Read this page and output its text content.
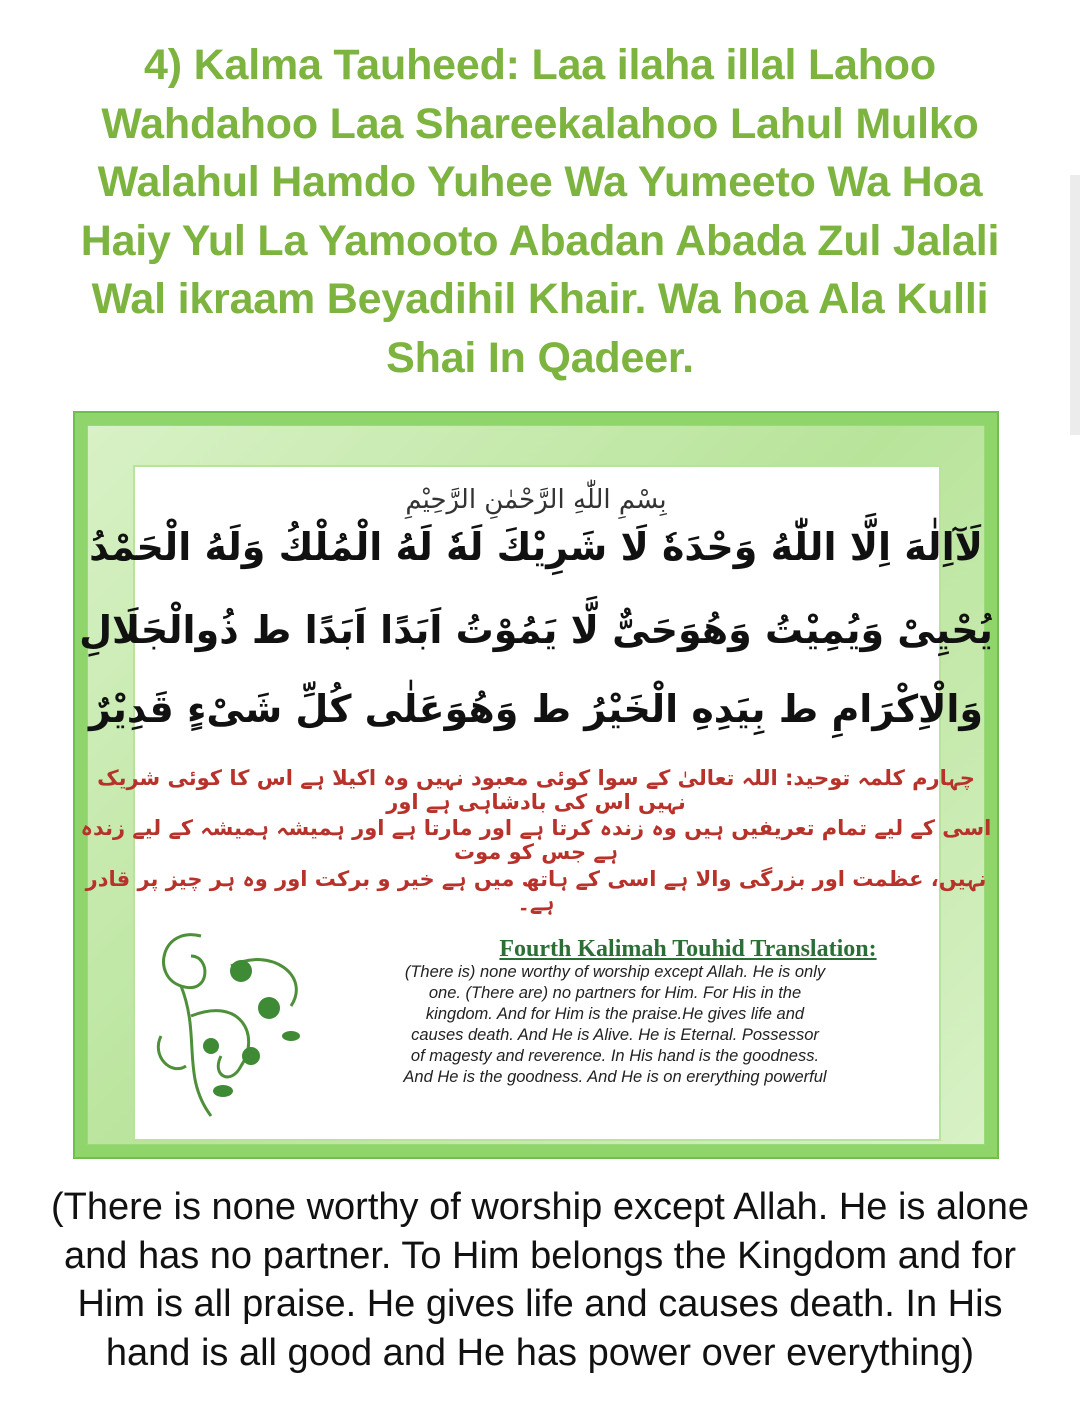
4) Kalma Tauheed: Laa ilaha illal Lahoo
Wahdahoo Laa Shareekalahoo Lahul Mulko
Walahul Hamdo Yuhee Wa Yumeeto Wa Hoa
Haiy Yul La Yamooto Abadan Abada Zul Jalali
Wal ikraam Beyadihil Khair. Wa hoa Ala Kulli
Shai In Qadeer.
بِسْمِ اللّٰهِ الرَّحْمٰنِ الرَّحِيْمِ
لَآاِلٰهَ اِلَّا اللّٰهُ وَحْدَهٗ لَا شَرِيْكَ لَهٗ لَهُ الْمُلْكُ وَلَهُ الْحَمْدُ
يُحْيِىْ وَيُمِيْتُ وَهُوَحَیٌّ لَّا يَمُوْتُ اَبَدًا اَبَدًا ط ذُوالْجَلَالِ
وَالْاِكْرَامِ ط بِيَدِهِ الْخَيْرُ ط وَهُوَعَلٰى كُلِّ شَیْءٍ قَدِيْرٌ
چہارم کلمہ توحید: اللہ تعالیٰ کے سوا کوئی معبود نہیں وہ اکیلا ہے اس کا کوئی شریک نہیں اس کی بادشاہی ہے اور
اسی کے لیے تمام تعریفیں ہیں وہ زندہ کرتا ہے اور مارتا ہے اور ہمیشہ ہمیشہ کے لیے زندہ ہے جس کو موت
نہیں، عظمت اور بزرگی والا ہے اسی کے ہاتھ میں ہے خیر و برکت اور وہ ہر چیز پر قادر ہے۔
Fourth Kalimah Touhid Translation:
(There is) none worthy of worship except Allah. He is only
one. (There are) no partners for Him. For His in the
kingdom. And for Him is the praise.He gives life and
causes death. And He is Alive. He is Eternal. Possessor
of magesty and reverence. In His hand is the goodness.
And He is the goodness. And He is on ererything powerful
(There is none worthy of worship except Allah. He is alone
and has no partner. To Him belongs the Kingdom and for
Him is all praise. He gives life and causes death. In His
hand is all good and He has power over everything)
